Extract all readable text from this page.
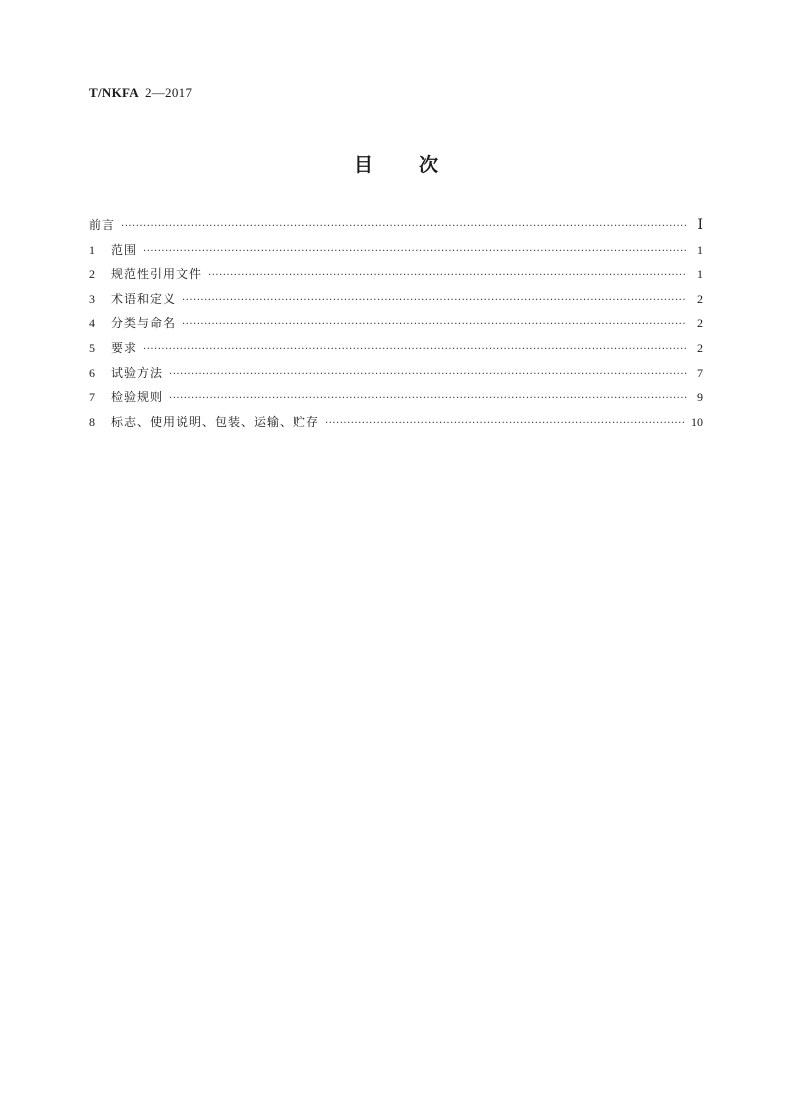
T/NKFA 2—2017
目 次
前言 ·····	Ⅰ
1	范围 ·····	1
2	规范性引用文件 ·····	1
3	术语和定义 ·····	2
4	分类与命名 ·····	2
5	要求 ·····	2
6	试验方法 ·····	7
7	检验规则 ·····	9
8	标志、使用说明、包装、运输、贮存 ·····	10
